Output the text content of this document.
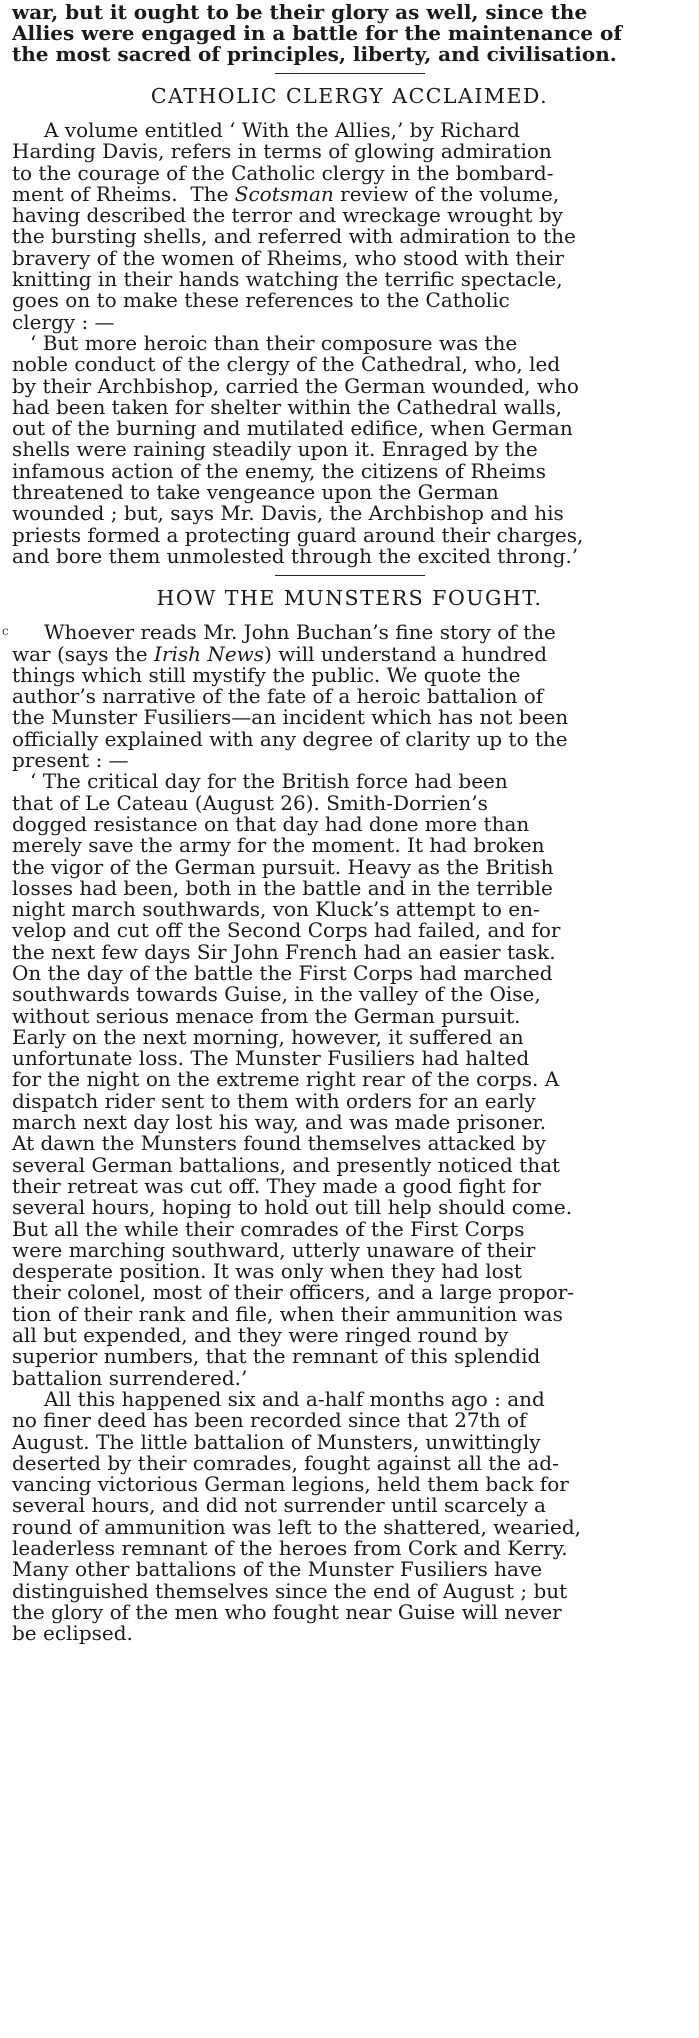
war, but it ought to be their glory as well, since the
Allies were engaged in a battle for the maintenance of
the most sacred of principles, liberty, and civilisation.
CATHOLIC CLERGY ACCLAIMED.
A volume entitled ‘ With the Allies,’ by Richard
Harding Davis, refers in terms of glowing admiration
to the courage of the Catholic clergy in the bombard-
ment of Rheims. The Scotsman review of the volume,
having described the terror and wreckage wrought by
the bursting shells, and referred with admiration to the
bravery of the women of Rheims, who stood with their
knitting in their hands watching the terrific spectacle,
goes on to make these references to the Catholic
clergy : —
‘ But more heroic than their composure was the
noble conduct of the clergy of the Cathedral, who, led
by their Archbishop, carried the German wounded, who
had been taken for shelter within the Cathedral walls,
out of the burning and mutilated edifice, when German
shells were raining steadily upon it. Enraged by the
infamous action of the enemy, the citizens of Rheims
threatened to take vengeance upon the German
wounded ; but, says Mr. Davis, the Archbishop and his
priests formed a protecting guard around their charges,
and bore them unmolested through the excited throng.’
HOW THE MUNSTERS FOUGHT.
c	Whoever reads Mr. John Buchan’s fine story of the
war (says the Irish News) will understand a hundred
things which still mystify the public. We quote the
author’s narrative of the fate of a heroic battalion of
the Munster Fusiliers—an incident which has not been
officially explained with any degree of clarity up to the
present : —
‘ The critical day for the British force had been
that of Le Cateau (August 26). Smith-Dorrien’s
dogged resistance on that day had done more than
merely save the army for the moment. It had broken
the vigor of the German pursuit. Heavy as the British
losses had been, both in the battle and in the terrible
night march southwards, von Kluck’s attempt to en-
velop and cut off the Second Corps had failed, and for
the next few days Sir John French had an easier task.
On the day of the battle the First Corps had marched
southwards towards Guise, in the valley of the Oise,
without serious menace from the German pursuit.
Early on the next morning, however, it suffered an
unfortunate loss. The Munster Fusiliers had halted
for the night on the extreme right rear of the corps. A
dispatch rider sent to them with orders for an early
march next day lost his way, and was made prisoner.
At dawn the Munsters found themselves attacked by
several German battalions, and presently noticed that
their retreat was cut off. They made a good fight for
several hours, hoping to hold out till help should come.
But all the while their comrades of the First Corps
were marching southward, utterly unaware of their
desperate position. It was only when they had lost
their colonel, most of their officers, and a large propor-
tion of their rank and file, when their ammunition was
all but expended, and they were ringed round by
superior numbers, that the remnant of this splendid
battalion surrendered.’
All this happened six and a-half months ago : and
no finer deed has been recorded since that 27th of
August. The little battalion of Munsters, unwittingly
deserted by their comrades, fought against all the ad-
vancing victorious German legions, held them back for
several hours, and did not surrender until scarcely a
round of ammunition was left to the shattered, wearied,
leaderless remnant of the heroes from Cork and Kerry.
Many other battalions of the Munster Fusiliers have
distinguished themselves since the end of August ; but
the glory of the men who fought near Guise will never
be eclipsed.
